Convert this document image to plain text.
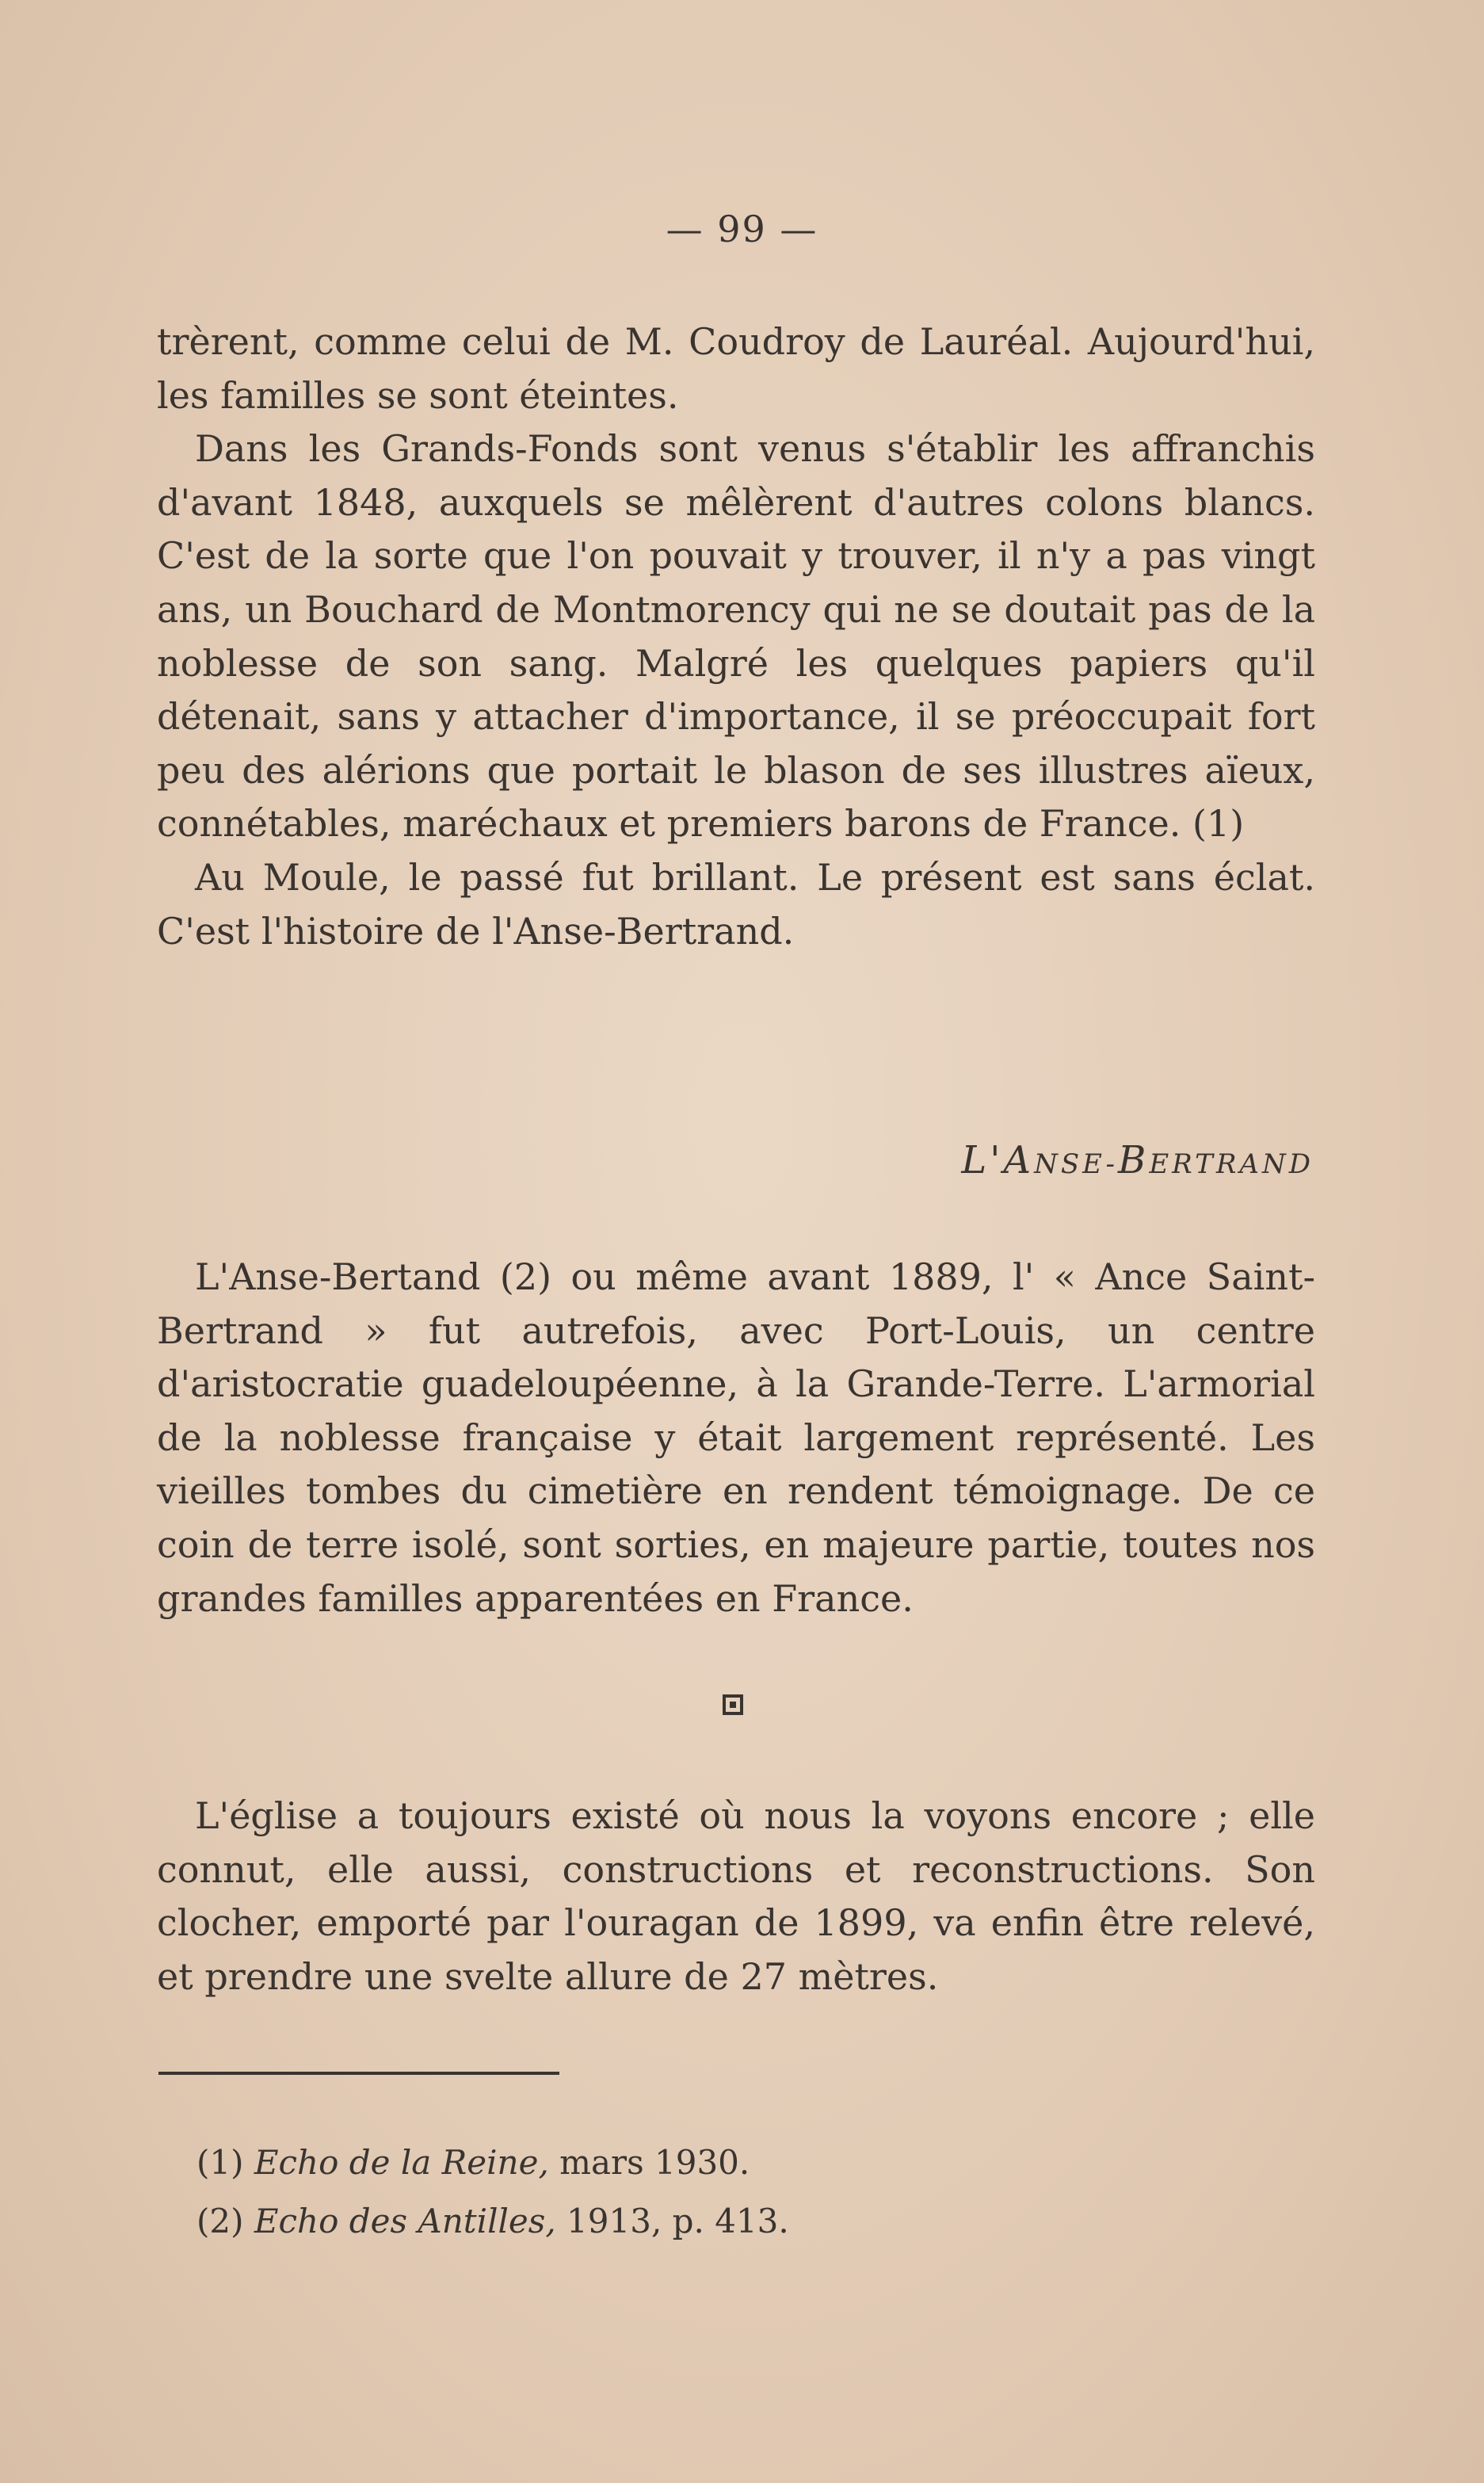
— 99 —

trèrent, comme celui de M. Coudroy de Lauréal. Aujourd'hui, les familles se sont éteintes.

Dans les Grands-Fonds sont venus s'établir les affranchis d'avant 1848, auxquels se mêlèrent d'autres colons blancs. C'est de la sorte que l'on pouvait y trouver, il n'y a pas vingt ans, un Bouchard de Montmorency qui ne se doutait pas de la noblesse de son sang. Malgré les quelques papiers qu'il détenait, sans y attacher d'importance, il se préoccupait fort peu des alérions que portait le blason de ses illustres aïeux, connétables, maréchaux et premiers barons de France. (1)

Au Moule, le passé fut brillant. Le présent est sans éclat. C'est l'histoire de l'Anse-Bertrand.

L'ANSE-BERTRAND

L'Anse-Bertand (2) ou même avant 1889, l' « Ance Saint-Bertrand » fut autrefois, avec Port-Louis, un centre d'aristocratie guadeloupéenne, à la Grande-Terre. L'armorial de la noblesse française y était largement représenté. Les vieilles tombes du cimetière en rendent témoignage. De ce coin de terre isolé, sont sorties, en majeure partie, toutes nos grandes familles apparentées en France.

L'église a toujours existé où nous la voyons encore ; elle connut, elle aussi, constructions et reconstructions. Son clocher, emporté par l'ouragan de 1899, va enfin être relevé, et prendre une svelte allure de 27 mètres.

(1) Echo de la Reine, mars 1930.
(2) Echo des Antilles, 1913, p. 413.
